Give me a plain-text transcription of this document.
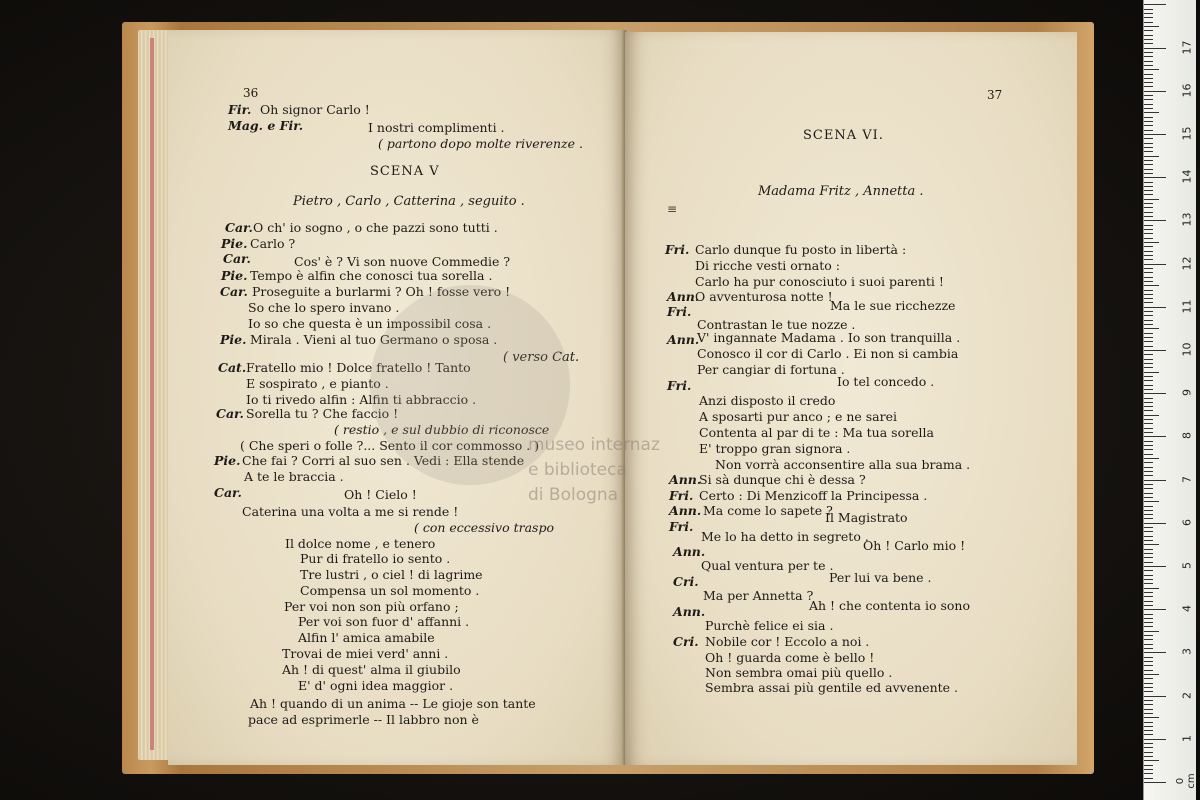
36
Fir. Oh signor Carlo !
Mag. e Fir.	I nostri complimenti .
( partono dopo molte riverenze .
SCENA V
Pietro , Carlo , Catterina , seguito .
Car. O ch' io sogno , o che pazzi sono tutti .
Pie. Carlo ?
Car.	Cos' è ? Vi son nuove Commedie ?
Pie. Tempo è alfin che conosci tua sorella .
Car. Proseguite a burlarmi ? Oh ! fosse vero !
So che lo spero invano .
Io so che questa è un impossibil cosa .
Pie. Mirala . Vieni al tuo Germano o sposa .
( verso Cat.
Cat. Fratello mio ! Dolce fratello ! Tanto
E sospirato , e pianto .
Io ti rivedo alfin : Alfin ti abbraccio .
Car. Sorella tu ? Che faccio !
( restio , e sul dubbio di riconosce
( Che speri o folle ?... Sento il cor commosso . )
Pie. Che fai ? Corri al suo sen . Vedi : Ella stende
A te le braccia .
Car.	Oh ! Cielo !
Caterina una volta a me si rende !
( con eccessivo traspo
Il dolce nome , e tenero
Pur di fratello io sento .
Tre lustri , o ciel ! di lagrime
Compensa un sol momento .
Per voi non son più orfano ;
Per voi son fuor d' affanni .
Alfin l' amica amabile
Trovai de miei verd' anni .
Ah ! di quest' alma il giubilo
E' d' ogni idea maggior .
Ah ! quando di un anima -- Le gioje son tante
pace ad esprimerle -- Il labbro non è
37
SCENA VI.
Madama Fritz , Annetta .
≡
Fri. Carlo dunque fu posto in libertà :
Di ricche vesti ornato :
Carlo ha pur conosciuto i suoi parenti !
Ann.
O avventurosa notte !
Fri.	Ma le sue ricchezze
Contrastan le tue nozze .
Ann.
V' ingannate Madama . Io son tranquilla .
Conosco il cor di Carlo . Ei non si cambia
Per cangiar di fortuna .
Fri.	Io tel concedo .
Anzi disposto il credo
A sposarti pur anco ; e ne sarei
Contenta al par di te : Ma tua sorella
E' troppo gran signora .
Non vorrà acconsentire alla sua brama .
Ann.
Si sà dunque chi è dessa ?
Fri. Certo : Di Menzicoff la Principessa .
Ann. Ma come lo sapete ?
Fri.
Il Magistrato
Me lo ha detto in segreto .
Ann.	Oh ! Carlo mio !
Qual ventura per te .
Cri.	Per lui va bene .
Ma per Annetta ?
Ann.	Ah ! che contenta io sono
Purchè felice ei sia .
Cri. Nobile cor ! Eccolo a noi .
Oh ! guarda come è bello !
Non sembra omai più quello .
Sembra assai più gentile ed avvenente .
museo internaz
e biblioteca
di Bologna
0 cm
1
2
3
4
5
6
7
8
9
10
11
12
13
14
15
16
17
